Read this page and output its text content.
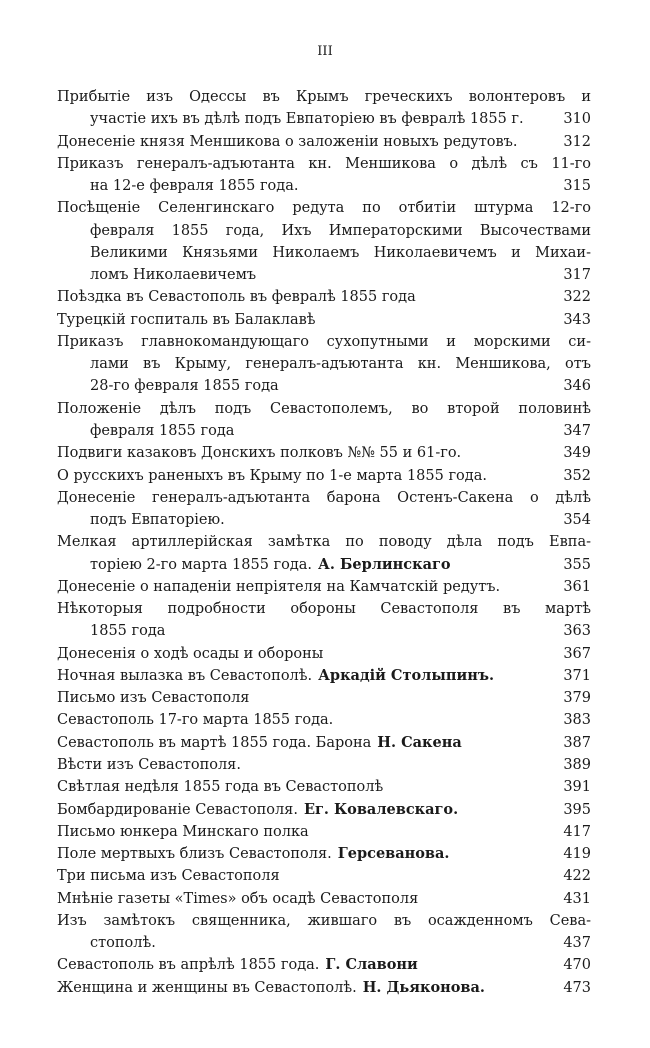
III
Прибытіе изъ Одессы въ Крымъ греческихъ волонтеровъ и
участіе ихъ въ дѣлѣ подъ Евпаторіею въ февралѣ 1855 г.	310
Донесеніе князя Меншикова о заложеніи новыхъ редутовъ.	312
Приказъ генералъ-адъютанта кн. Меншикова о дѣлѣ съ 11-го
на 12-е февраля 1855 года.	315
Посѣщеніе Селенгинскаго редута по отбитіи штурма 12-го
февраля 1855 года, Ихъ Императорскими Высочествами
Великими Князьями Николаемъ Николаевичемъ и Михаи-
ломъ Николаевичемъ	317
Поѣздка въ Севастополь въ февралѣ 1855 года	322
Турецкій госпиталь въ Балаклавѣ	343
Приказъ главнокомандующаго сухопутными и морскими си-
лами въ Крыму, генералъ-адъютанта кн. Меншикова, отъ
28-го февраля 1855 года	346
Положеніе дѣлъ подъ Севастополемъ, во второй половинѣ
февраля 1855 года	347
Подвиги казаковъ Донскихъ полковъ №№ 55 и 61-го.	349
О русскихъ раненыхъ въ Крыму по 1-е марта 1855 года.	352
Донесеніе генералъ-адъютанта барона Остенъ-Сакена о дѣлѣ
подъ Евпаторіею.	354
Мелкая артиллерійская замѣтка по поводу дѣла подъ Евпа-
торіею 2-го марта 1855 года. А. Берлинскаго	355
Донесеніе о нападеніи непріятеля на Камчатскій редутъ.	361
Нѣкоторыя подробности обороны Севастополя въ мартѣ
1855 года	363
Донесенія о ходѣ осады и обороны	367
Ночная вылазка въ Севастополѣ. Аркадій Столыпинъ.	371
Письмо изъ Севастополя	379
Севастополь 17-го марта 1855 года.	383
Севастополь въ мартѣ 1855 года. Барона Н. Сакена	387
Вѣсти изъ Севастополя.	389
Свѣтлая недѣля 1855 года въ Севастополѣ	391
Бомбардированіе Севастополя. Ег. Ковалевскаго.	395
Письмо юнкера Минскаго полка	417
Поле мертвыхъ близъ Севастополя. Герсеванова.	419
Три письма изъ Севастополя	422
Мнѣніе газеты «Times» объ осадѣ Севастополя	431
Изъ замѣтокъ священника, жившаго въ осажденномъ Сева-
стополѣ.	437
Севастополь въ апрѣлѣ 1855 года. Г. Славони	470
Женщина и женщины въ Севастополѣ. Н. Дьяконова.	473
